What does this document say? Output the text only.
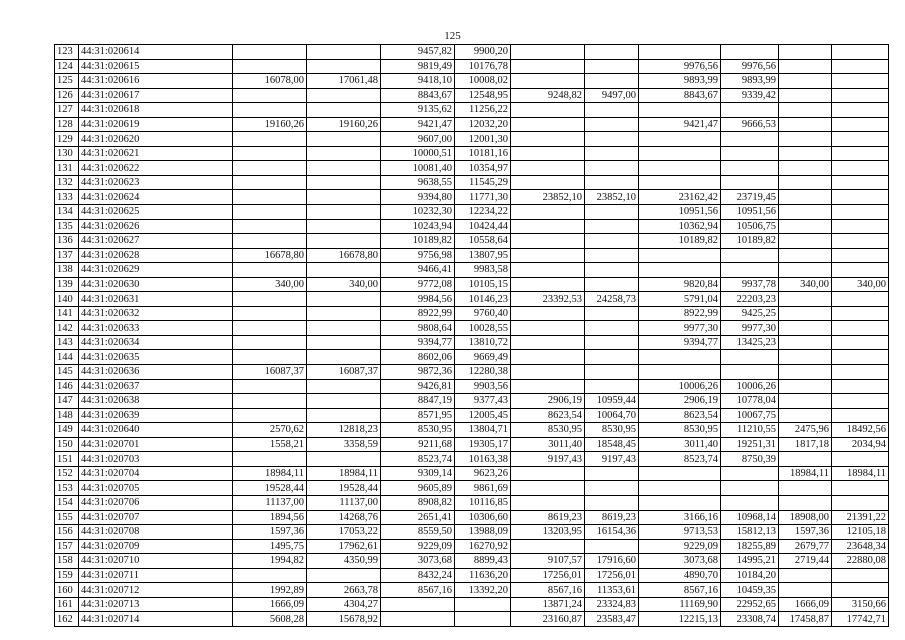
125
123	44:31:020614			9457,82	9900,20						
124	44:31:020615			9819,49	10176,78			9976,56	9976,56		
125	44:31:020616	16078,00	17061,48	9418,10	10008,02			9893,99	9893,99		
126	44:31:020617			8843,67	12548,95	9248,82	9497,00	8843,67	9339,42		
127	44:31:020618			9135,62	11256,22						
128	44:31:020619	19160,26	19160,26	9421,47	12032,20			9421,47	9666,53		
129	44:31:020620			9607,00	12001,30						
130	44:31:020621			10000,51	10181,16						
131	44:31:020622			10081,40	10354,97						
132	44:31:020623			9638,55	11545,29						
133	44:31:020624			9394,80	11771,30	23852,10	23852,10	23162,42	23719,45		
134	44:31:020625			10232,30	12234,22			10951,56	10951,56		
135	44:31:020626			10243,94	10424,44			10362,94	10506,75		
136	44:31:020627			10189,82	10558,64			10189,82	10189,82		
137	44:31:020628	16678,80	16678,80	9756,98	13807,95						
138	44:31:020629			9466,41	9983,58						
139	44:31:020630	340,00	340,00	9772,08	10105,15			9820,84	9937,78	340,00	340,00
140	44:31:020631			9984,56	10146,23	23392,53	24258,73	5791,04	22203,23		
141	44:31:020632			8922,99	9760,40			8922,99	9425,25		
142	44:31:020633			9808,64	10028,55			9977,30	9977,30		
143	44:31:020634			9394,77	13810,72			9394,77	13425,23		
144	44:31:020635			8602,06	9669,49						
145	44:31:020636	16087,37	16087,37	9872,36	12280,38						
146	44:31:020637			9426,81	9903,56			10006,26	10006,26		
147	44:31:020638			8847,19	9377,43	2906,19	10959,44	2906,19	10778,04		
148	44:31:020639			8571,95	12005,45	8623,54	10064,70	8623,54	10067,75		
149	44:31:020640	2570,62	12818,23	8530,95	13804,71	8530,95	8530,95	8530,95	11210,55	2475,96	18492,56
150	44:31:020701	1558,21	3358,59	9211,68	19305,17	3011,40	18548,45	3011,40	19251,31	1817,18	2034,94
151	44:31:020703			8523,74	10163,38	9197,43	9197,43	8523,74	8750,39		
152	44:31:020704	18984,11	18984,11	9309,14	9623,26					18984,11	18984,11
153	44:31:020705	19528,44	19528,44	9605,89	9861,69						
154	44:31:020706	11137,00	11137,00	8908,82	10116,85						
155	44:31:020707	1894,56	14268,76	2651,41	10306,60	8619,23	8619,23	3166,16	10968,14	18908,00	21391,22
156	44:31:020708	1597,36	17053,22	8559,50	13988,09	13203,95	16154,36	9713,53	15812,13	1597,36	12105,18
157	44:31:020709	1495,75	17962,61	9229,09	16270,92			9229,09	18255,89	2679,77	23648,34
158	44:31:020710	1994,82	4350,99	3073,68	8899,43	9107,57	17916,60	3073,68	14995,21	2719,44	22880,08
159	44:31:020711			8432,24	11636,20	17256,01	17256,01	4890,70	10184,20		
160	44:31:020712	1992,89	2663,78	8567,16	13392,20	8567,16	11353,61	8567,16	10459,35		
161	44:31:020713	1666,09	4304,27			13871,24	23324,83	11169,90	22952,65	1666,09	3150,66
162	44:31:020714	5608,28	15678,92			23160,87	23583,47	12215,13	23308,74	17458,87	17742,71
